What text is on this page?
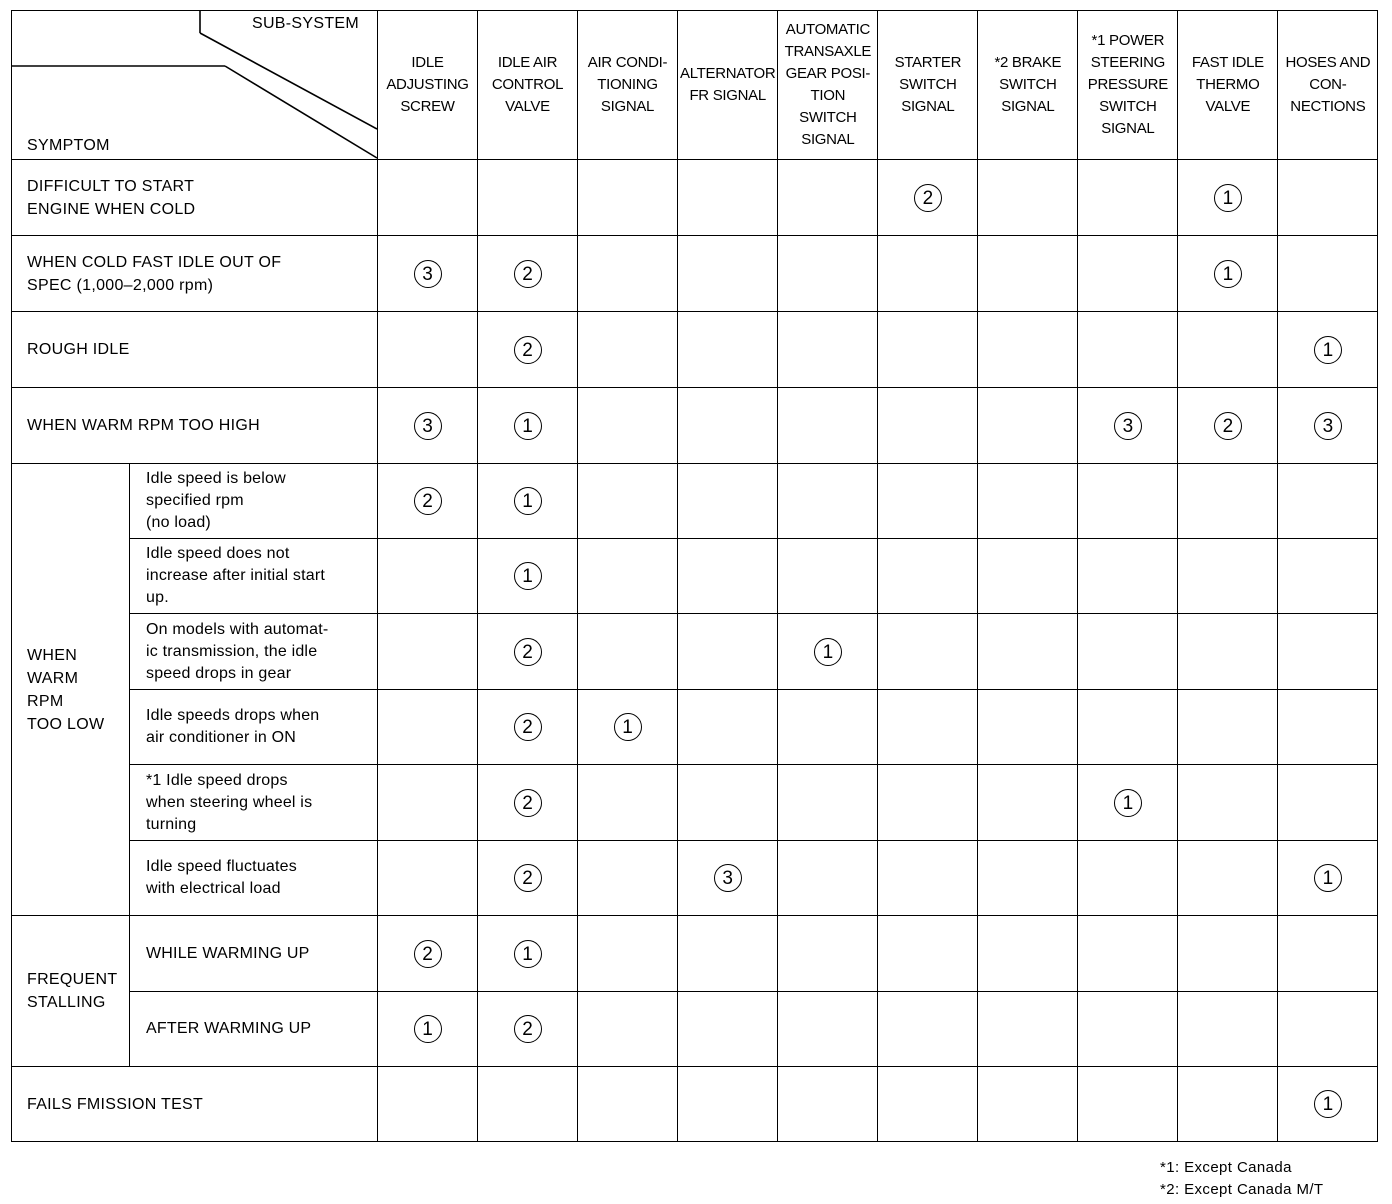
SUB-SYSTEM
SYMPTOM		IDLE
ADJUSTING
SCREW	IDLE AIR
CONTROL
VALVE	AIR CONDI-
TIONING
SIGNAL	ALTERNATOR
FR SIGNAL	AUTOMATIC
TRANSAXLE
GEAR POSI-
TION SWITCH
SIGNAL	STARTER
SWITCH
SIGNAL	*2 BRAKE
SWITCH
SIGNAL	*1 POWER
STEERING
PRESSURE
SWITCH
SIGNAL	FAST IDLE
THERMO
VALVE	HOSES AND
CON-
NECTIONS

DIFFICULT TO START
ENGINE WHEN COLD							2			1	
WHEN COLD FAST IDLE OUT OF
SPEC (1,000–2,000 rpm)		3	2							1	
ROUGH IDLE			2								1
WHEN WARM RPM TOO HIGH		3	1						3	2	3
WHEN
WARM
RPM
TOO LOW	Idle speed is below
specified rpm
(no load)	2	1								
	Idle speed does not
increase after initial start
up.		1								
	On models with automat-
ic transmission, the idle
speed drops in gear		2			1					
	Idle speeds drops when
air conditioner in ON		2	1							
	*1 Idle speed drops
when steering wheel is
turning		2						1		
	Idle speed fluctuates
with electrical load		2		3						1
FREQUENT
STALLING	WHILE WARMING UP	2	1								
	AFTER WARMING UP	1	2								
FAILS FMISSION TEST											1
*1: Except Canada
*2: Except Canada M/T
